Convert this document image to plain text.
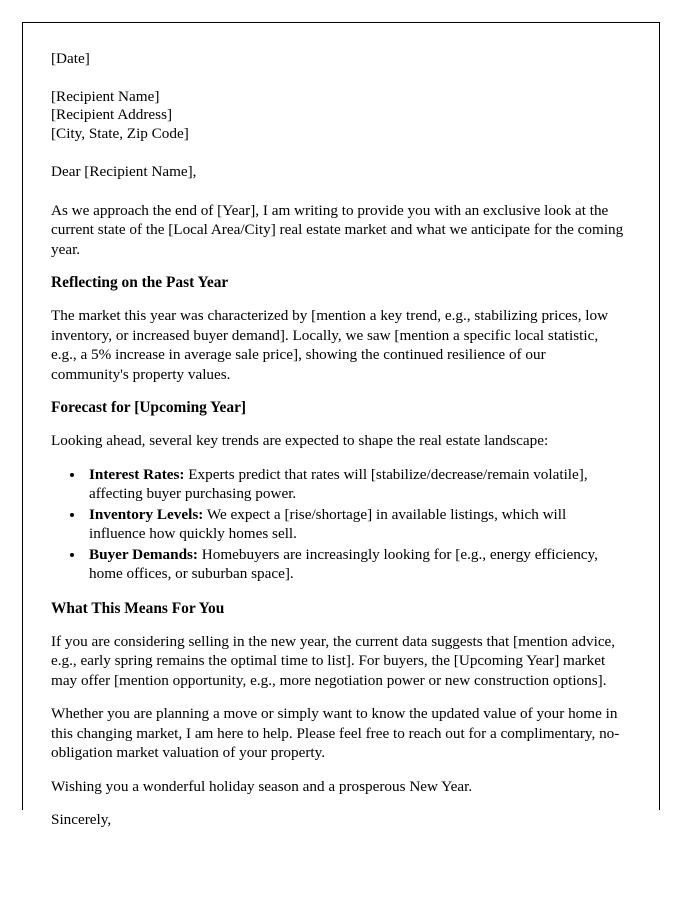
[Date]

[Recipient Name]
[Recipient Address]
[City, State, Zip Code]

Dear [Recipient Name],

As we approach the end of [Year], I am writing to provide you with an exclusive look at the current state of the [Local Area/City] real estate market and what we anticipate for the coming year.

Reflecting on the Past Year

The market this year was characterized by [mention a key trend, e.g., stabilizing prices, low inventory, or increased buyer demand]. Locally, we saw [mention a specific local statistic, e.g., a 5% increase in average sale price], showing the continued resilience of our community's property values.

Forecast for [Upcoming Year]

Looking ahead, several key trends are expected to shape the real estate landscape:

• Interest Rates: Experts predict that rates will [stabilize/decrease/remain volatile], affecting buyer purchasing power.
• Inventory Levels: We expect a [rise/shortage] in available listings, which will influence how quickly homes sell.
• Buyer Demands: Homebuyers are increasingly looking for [e.g., energy efficiency, home offices, or suburban space].
What This Means For You

If you are considering selling in the new year, the current data suggests that [mention advice, e.g., early spring remains the optimal time to list]. For buyers, the [Upcoming Year] market may offer [mention opportunity, e.g., more negotiation power or new construction options].

Whether you are planning a move or simply want to know the updated value of your home in this changing market, I am here to help. Please feel free to reach out for a complimentary, no-obligation market valuation of your property.

Wishing you a wonderful holiday season and a prosperous New Year.

Sincerely,
